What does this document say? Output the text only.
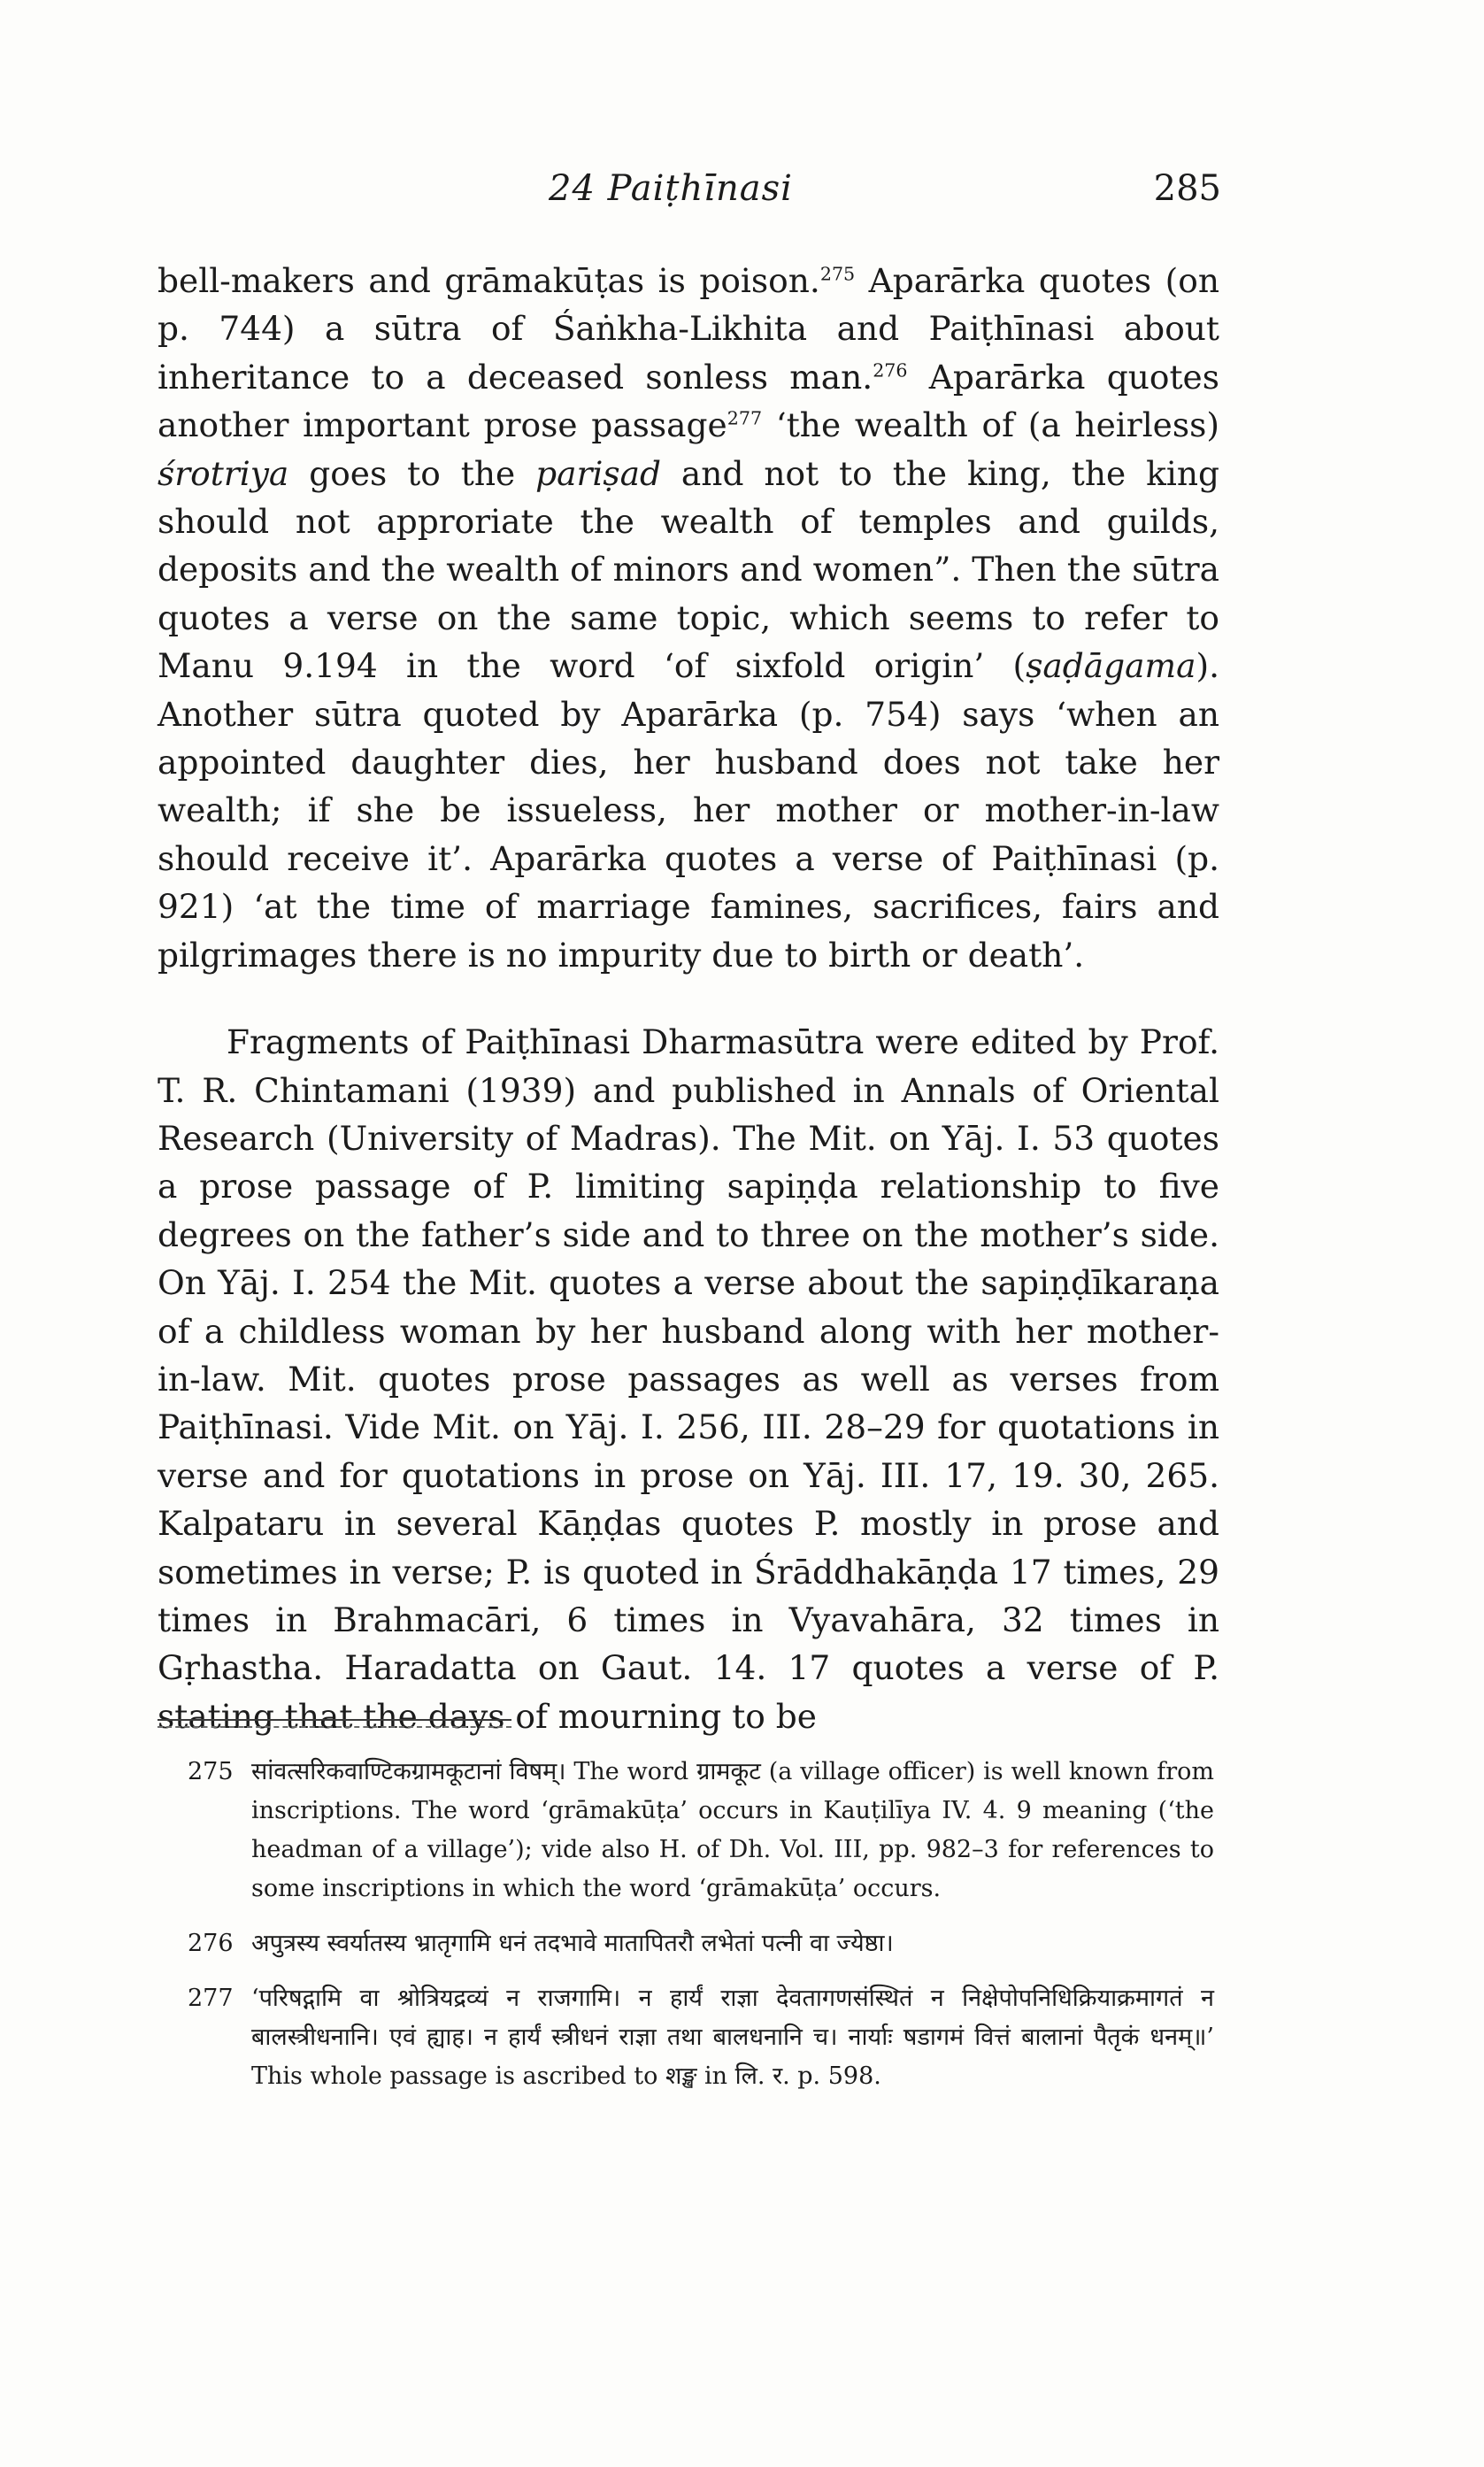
24 Paiṭhīnasi	285

bell-makers and grāmakūṭas is poison.$^{275}$ Aparārka quotes (on p. 744) a sūtra of Śaṅkha-Likhita and Paiṭhīnasi about inheritance to a deceased sonless man.$^{276}$ Aparārka quotes another important prose passage$^{277}$ ‘the wealth of (a heirless) śrotriya goes to the pariṣad and not to the king, the king should not approriate the wealth of temples and guilds, deposits and the wealth of minors and women”. Then the sūtra quotes a verse on the same topic, which seems to refer to Manu 9.194 in the word ‘of sixfold origin’ (ṣaḍāgama). Another sūtra quoted by Aparārka (p. 754) says ‘when an appointed daughter dies, her husband does not take her wealth; if she be issueless, her mother or mother-in-law should receive it’. Aparārka quotes a verse of Paiṭhīnasi (p. 921) ‘at the time of marriage famines, sacrifices, fairs and pilgrimages there is no impurity due to birth or death’.

Fragments of Paiṭhīnasi Dharmasūtra were edited by Prof. T. R. Chintamani (1939) and published in Annals of Oriental Research (University of Madras). The Mit. on Yāj. I. 53 quotes a prose passage of P. limiting sapiṇḍa relationship to five degrees on the father’s side and to three on the mother’s side. On Yāj. I. 254 the Mit. quotes a verse about the sapiṇḍīkaraṇa of a childless woman by her husband along with her mother-in-law. Mit. quotes prose passages as well as verses from Paiṭhīnasi. Vide Mit. on Yāj. I. 256, III. 28–29 for quotations in verse and for quotations in prose on Yāj. III. 17, 19. 30, 265. Kalpataru in several Kāṇḍas quotes P. mostly in prose and sometimes in verse; P. is quoted in Śrāddhakāṇḍa 17 times, 29 times in Brahmacāri, 6 times in Vyavahāra, 32 times in Gṛhastha. Haradatta on Gaut. 14. 17 quotes a verse of P. stating that the days of mourning to be

275 सांवत्सरिकवाण्टिकग्रामकूटानां विषम्। The word ग्रामकूट (a village officer) is well known from inscriptions. The word ‘grāmakūṭa’ occurs in Kauṭilīya IV. 4. 9 meaning (‘the headman of a village’); vide also H. of Dh. Vol. III, pp. 982–3 for references to some inscriptions in which the word ‘grāmakūṭa’ occurs.
276 अपुत्रस्य स्वर्यातस्य भ्रातृगामि धनं तदभावे मातापितरौ लभेतां पत्नी वा ज्येष्ठा।
277 ‘परिषद्गामि वा श्रोत्रियद्रव्यं न राजगामि। न हार्यं राज्ञा देवतागणसंस्थितं न निक्षेपोपनिधिक्रियाक्रमागतं न बालस्त्रीधनानि। एवं ह्याह। न हार्यं स्त्रीधनं राज्ञा तथा बालधनानि च। नार्याः षडागमं वित्तं बालानां पैतृकं धनम्॥’ This whole passage is ascribed to शङ्ख in लि. र. p. 598.
